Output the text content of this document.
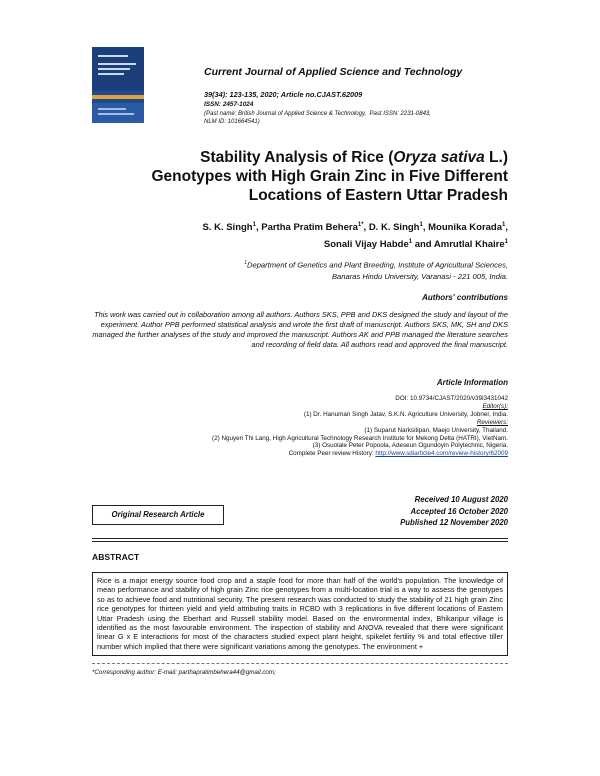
Current Journal of Applied Science and Technology
39(34): 123-135, 2020; Article no.CJAST.62009
ISSN: 2457-1024
(Past name: British Journal of Applied Science & Technology,  Past ISSN: 2231-0843,
NLM ID: 101664541)
Stability Analysis of Rice (Oryza sativa L.)
Genotypes with High Grain Zinc in Five Different
Locations of Eastern Uttar Pradesh
S. K. Singh$^1$, Partha Pratim Behera$^{1*}$, D. K. Singh$^1$, Mounika Korada$^1$,
Sonali Vijay Habde$^1$ and Amrutlal Khaire$^1$
$^1$Department of Genetics and Plant Breeding, Institute of Agricultural Sciences,
Banaras Hindu University, Varanasi - 221 005, India.
Authors' contributions
This work was carried out in collaboration among all authors. Authors SKS, PPB and DKS designed the study and layout of the experiment. Author PPB performed statistical analysis and wrote the first draft of manuscript. Authors SKS, MK, SH and DKS managed the further analyses of the study and improved the manuscript. Authors AK and PPB managed the literature searches and recording of field data. All authors read and approved the final manuscript.
Article Information
DOI: 10.9734/CJAST/2020/v39i3431042
Editor(s):
(1) Dr. Hanuman Singh Jatav, S.K.N. Agriculture University, Jobner, India.
Reviewers:
(1) Suparut Narksitipan, Maejo University, Thailand.
(2) Nguyen Thi Lang, High Agricultural Technology Research Institute for Mekong Delta (HATRI), VietNam.
(3) Osuolale Peter Popoola, Adeseun Ogundoyin Polytechnic, Nigeria.
Complete Peer review History: http://www.sdiarticle4.com/review-history/62009
Received 10 August 2020
Accepted 16 October 2020
Published 12 November 2020
Original Research Article
ABSTRACT
Rice is a major energy source food crop and a staple food for more than half of the world's population. The knowledge of mean performance and stability of high grain Zinc rice genotypes from a multi-location trial is a way to assess the genotypes so as to achieve food and nutritional security. The present research was conducted to study the stability of 21 high grain Zinc rice genotypes for thirteen yield and yield attributing traits in RCBD with 3 replications in five different locations of Eastern Uttar Pradesh using the Eberhart and Russell stability model. Based on the environmental index, Bhikaripur village is identified as the most favourable environment. The inspection of stability and ANOVA revealed that there were significant linear G x E interactions for most of the characters studied expect plant height, spikelet fertility % and total effective tiller number which implied that there were significant variations among the genotypes. The environment +
*Corresponding author: E-mail: parthapratimbehera44@gmail.com;
